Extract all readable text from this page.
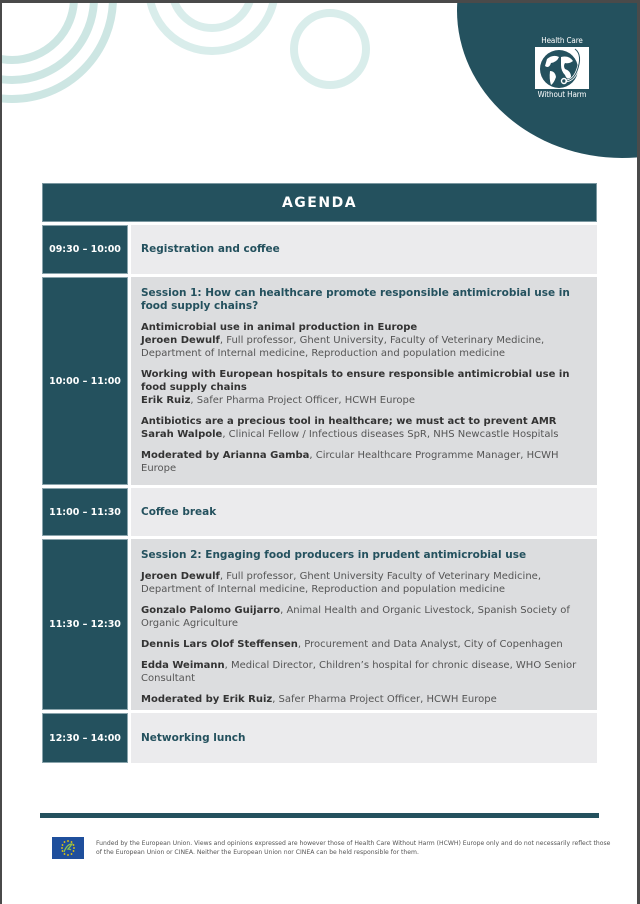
Health Care
Without Harm
AGENDA
09:30 – 10:00	Registration and coffee
10:00 – 11:00
Session 1: How can healthcare promote responsible antimicrobial use in food supply chains?
Antimicrobial use in animal production in Europe
Jeroen Dewulf, Full professor, Ghent University, Faculty of Veterinary Medicine, Department of Internal medicine, Reproduction and population medicine
Working with European hospitals to ensure responsible antimicrobial use in food supply chains
Erik Ruiz, Safer Pharma Project Officer, HCWH Europe
Antibiotics are a precious tool in healthcare; we must act to prevent AMR
Sarah Walpole, Clinical Fellow / Infectious diseases SpR, NHS Newcastle Hospitals
Moderated by Arianna Gamba, Circular Healthcare Programme Manager, HCWH Europe
11:00 – 11:30	Coffee break
11:30 – 12:30
Session 2: Engaging food producers in prudent antimicrobial use
Jeroen Dewulf, Full professor, Ghent University Faculty of Veterinary Medicine, Department of Internal medicine, Reproduction and population medicine
Gonzalo Palomo Guijarro, Animal Health and Organic Livestock, Spanish Society of Organic Agriculture
Dennis Lars Olof Steffensen, Procurement and Data Analyst, City of Copenhagen
Edda Weimann, Medical Director, Children’s hospital for chronic disease, WHO Senior Consultant
Moderated by Erik Ruiz, Safer Pharma Project Officer, HCWH Europe
12:30 – 14:00	Networking lunch
Funded by the European Union. Views and opinions expressed are however those of Health Care Without Harm (HCWH) Europe only and do not necessarily reflect those of the European Union or CINEA. Neither the European Union nor CINEA can be held responsible for them.
